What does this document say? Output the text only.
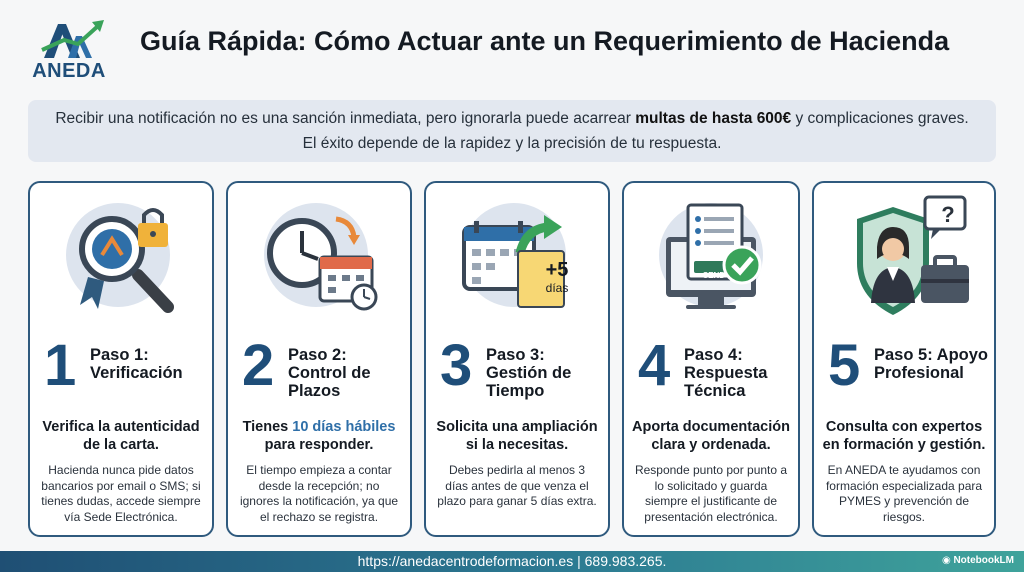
ANEDA
Guía Rápida: Cómo Actuar ante un Requerimiento de Hacienda
Recibir una notificación no es una sanción inmediata, pero ignorarla puede acarrear multas de hasta 600€ y complicaciones graves.
El éxito depende de la rapidez y la precisión de tu respuesta.
1 Paso 1: Verificación
Verifica la autenticidad de la carta.
Hacienda nunca pide datos bancarios por email o SMS; si tienes dudas, accede siempre vía Sede Electrónica.
2 Paso 2: Control de Plazos
Tienes 10 días hábiles para responder.
El tiempo empieza a contar desde la recepción; no ignores la notificación, ya que el rechazo se registra.
+5
días
3 Paso 3: Gestión de Tiempo
Solicita una ampliación si la necesitas.
Debes pedirla al menos 3 días antes de que venza el plazo para ganar 5 días extra.
SEND
4 Paso 4: Respuesta Técnica
Aporta documentación clara y ordenada.
Responde punto por punto a lo solicitado y guarda siempre el justificante de presentación electrónica.
?
5 Paso 5: Apoyo Profesional
Consulta con expertos en formación y gestión.
En ANEDA te ayudamos con formación especializada para PYMES y prevención de riesgos.
https://anedacentrodeformacion.es | 689.983.265.	◉ NotebookLM
